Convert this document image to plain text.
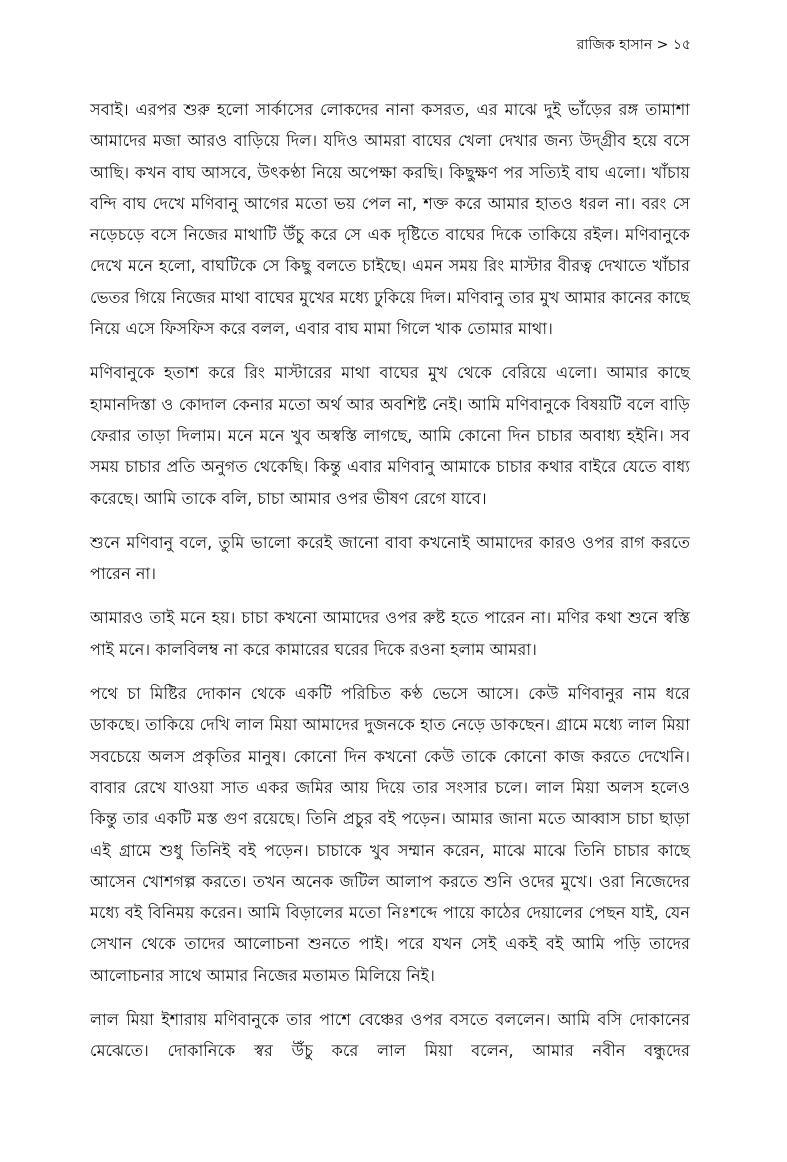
রাজিক হাসান > ১৫

সবাই। এরপর শুরু হলো সার্কাসের লোকদের নানা কসরত, এর মাঝে দুই ভাঁড়ের রঙ্গ তামাশা আমাদের মজা আরও বাড়িয়ে দিল। যদিও আমরা বাঘের খেলা দেখার জন্য উদ্গ্রীব হয়ে বসে আছি। কখন বাঘ আসবে, উৎকণ্ঠা নিয়ে অপেক্ষা করছি। কিছুক্ষণ পর সত্যিই বাঘ এলো। খাঁচায় বন্দি বাঘ দেখে মণিবানু আগের মতো ভয় পেল না, শক্ত করে আমার হাতও ধরল না। বরং সে নড়েচড়ে বসে নিজের মাথাটি উঁচু করে সে এক দৃষ্টিতে বাঘের দিকে তাকিয়ে রইল। মণিবানুকে দেখে মনে হলো, বাঘটিকে সে কিছু বলতে চাইছে। এমন সময় রিং মাস্টার বীরত্ব দেখাতে খাঁচার ভেতর গিয়ে নিজের মাথা বাঘের মুখের মধ্যে ঢুকিয়ে দিল। মণিবানু তার মুখ আমার কানের কাছে নিয়ে এসে ফিসফিস করে বলল, এবার বাঘ মামা গিলে খাক তোমার মাথা।

মণিবানুকে হতাশ করে রিং মাস্টারের মাথা বাঘের মুখ থেকে বেরিয়ে এলো। আমার কাছে হামানদিস্তা ও কোদাল কেনার মতো অর্থ আর অবশিষ্ট নেই। আমি মণিবানুকে বিষয়টি বলে বাড়ি ফেরার তাড়া দিলাম। মনে মনে খুব অস্বস্তি লাগছে, আমি কোনো দিন চাচার অবাধ্য হইনি। সব সময় চাচার প্রতি অনুগত থেকেছি। কিন্তু এবার মণিবানু আমাকে চাচার কথার বাইরে যেতে বাধ্য করেছে। আমি তাকে বলি, চাচা আমার ওপর ভীষণ রেগে যাবে।

শুনে মণিবানু বলে, তুমি ভালো করেই জানো বাবা কখনোই আমাদের কারও ওপর রাগ করতে পারেন না।

আমারও তাই মনে হয়। চাচা কখনো আমাদের ওপর রুষ্ট হতে পারেন না। মণির কথা শুনে স্বস্তি পাই মনে। কালবিলম্ব না করে কামারের ঘরের দিকে রওনা হলাম আমরা।

পথে চা মিষ্টির দোকান থেকে একটি পরিচিত কণ্ঠ ভেসে আসে। কেউ মণিবানুর নাম ধরে ডাকছে। তাকিয়ে দেখি লাল মিয়া আমাদের দুজনকে হাত নেড়ে ডাকছেন। গ্রামে মধ্যে লাল মিয়া সবচেয়ে অলস প্রকৃতির মানুষ। কোনো দিন কখনো কেউ তাকে কোনো কাজ করতে দেখেনি। বাবার রেখে যাওয়া সাত একর জমির আয় দিয়ে তার সংসার চলে। লাল মিয়া অলস হলেও কিন্তু তার একটি মস্ত গুণ রয়েছে। তিনি প্রচুর বই পড়েন। আমার জানা মতে আব্বাস চাচা ছাড়া এই গ্রামে শুধু তিনিই বই পড়েন। চাচাকে খুব সম্মান করেন, মাঝে মাঝে তিনি চাচার কাছে আসেন খোশগল্প করতে। তখন অনেক জটিল আলাপ করতে শুনি ওদের মুখে। ওরা নিজেদের মধ্যে বই বিনিময় করেন। আমি বিড়ালের মতো নিঃশব্দে পায়ে কাঠের দেয়ালের পেছন যাই, যেন সেখান থেকে তাদের আলোচনা শুনতে পাই। পরে যখন সেই একই বই আমি পড়ি তাদের আলোচনার সাথে আমার নিজের মতামত মিলিয়ে নিই।

লাল মিয়া ইশারায় মণিবানুকে তার পাশে বেঞ্চের ওপর বসতে বললেন। আমি বসি দোকানের মেঝেতে। দোকানিকে স্বর উঁচু করে লাল মিয়া বলেন, আমার নবীন বন্ধুদের
